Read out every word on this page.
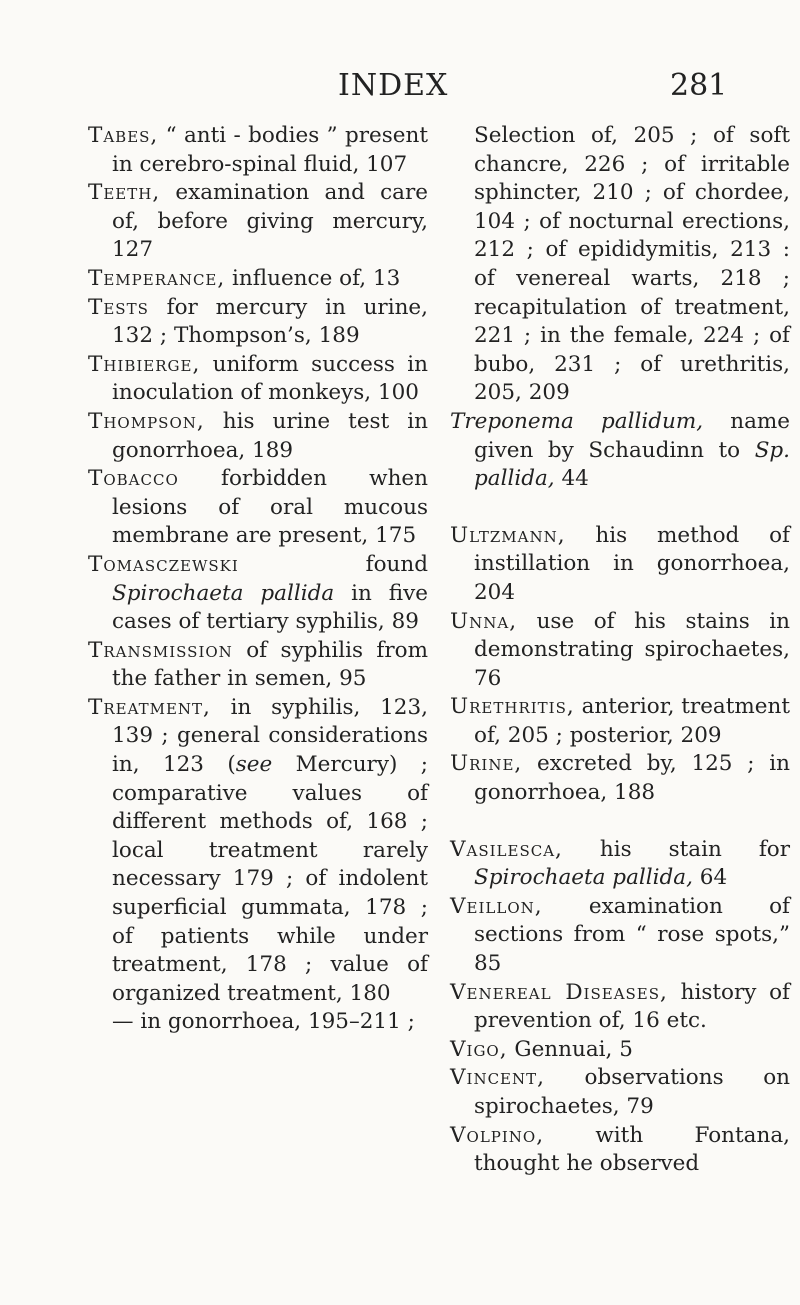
INDEX	281
Tabes, “ anti - bodies ” present in cerebro-spinal fluid, 107
Teeth, examination and care of, before giving mercury, 127
Temperance, influence of, 13
Tests for mercury in urine, 132 ; Thompson’s, 189
Thibierge, uniform success in inoculation of monkeys, 100
Thompson, his urine test in gonorrhoea, 189
Tobacco forbidden when lesions of oral mucous membrane are present, 175
Tomasczewski found Spirochaeta pallida in five cases of tertiary syphilis, 89
Transmission of syphilis from the father in semen, 95
Treatment, in syphilis, 123, 139 ; general considerations in, 123 (see Mercury) ; comparative values of different methods of, 168 ; local treatment rarely necessary 179 ; of indolent superficial gummata, 178 ; of patients while under treatment, 178 ; value of organized treatment, 180
— in gonorrhoea, 195–211 ;
Selection of, 205 ; of soft chancre, 226 ; of irritable sphincter, 210 ; of chordee, 104 ; of nocturnal erections, 212 ; of epididymitis, 213 : of venereal warts, 218 ; recapitulation of treatment, 221 ; in the female, 224 ; of bubo, 231 ; of urethritis, 205, 209
Treponema pallidum, name given by Schaudinn to Sp. pallida, 44
Ultzmann, his method of instillation in gonorrhoea, 204
Unna, use of his stains in demonstrating spirochaetes, 76
Urethritis, anterior, treatment of, 205 ; posterior, 209
Urine, excreted by, 125 ; in gonorrhoea, 188
Vasilesca, his stain for Spirochaeta pallida, 64
Veillon, examination of sections from “ rose spots,” 85
Venereal Diseases, history of prevention of, 16 etc.
Vigo, Gennuai, 5
Vincent, observations on spirochaetes, 79
Volpino, with Fontana, thought he observed
